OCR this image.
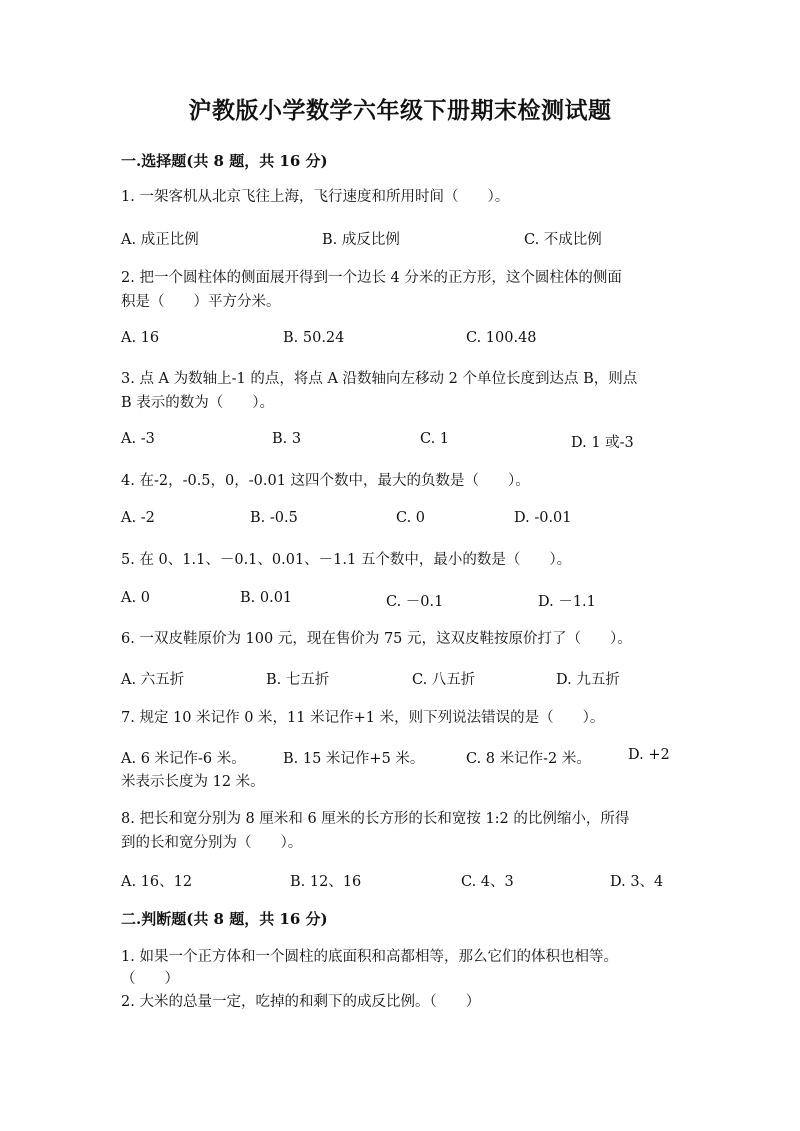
沪教版小学数学六年级下册期末检测试题
一.选择题(共 8 题，共 16 分)
1. 一架客机从北京飞往上海，飞行速度和所用时间（　　）。
A. 成正比例	B. 成反比例	C. 不成比例
2. 把一个圆柱体的侧面展开得到一个边长 4 分米的正方形，这个圆柱体的侧面
积是（　　）平方分米。
A. 16	B. 50.24	C. 100.48
3. 点 A 为数轴上-1 的点，将点 A 沿数轴向左移动 2 个单位长度到达点 B，则点
B 表示的数为（　　）。
A. -3	B. 3	C. 1	D. 1 或-3
4. 在-2，-0.5，0，-0.01 这四个数中，最大的负数是（　　）。
A. -2	B. -0.5	C. 0	D. -0.01
5. 在 0、1.1、－0.1、0.01、－1.1 五个数中，最小的数是（　　）。
A. 0	B. 0.01	C. －0.1	D. －1.1
6. 一双皮鞋原价为 100 元，现在售价为 75 元，这双皮鞋按原价打了（　　）。
A. 六五折	B. 七五折	C. 八五折	D. 九五折
7. 规定 10 米记作 0 米，11 米记作+1 米，则下列说法错误的是（　　）。
A. 6 米记作-6 米。	B. 15 米记作+5 米。	C. 8 米记作-2 米。	D. +2
米表示长度为 12 米。
8. 把长和宽分别为 8 厘米和 6 厘米的长方形的长和宽按 1:2 的比例缩小，所得
到的长和宽分别为（　　）。
A. 16、12	B. 12、16	C. 4、3	D. 3、4
二.判断题(共 8 题，共 16 分)
1. 如果一个正方体和一个圆柱的底面积和高都相等，那么它们的体积也相等。
（　　）
2. 大米的总量一定，吃掉的和剩下的成反比例。（　　）
